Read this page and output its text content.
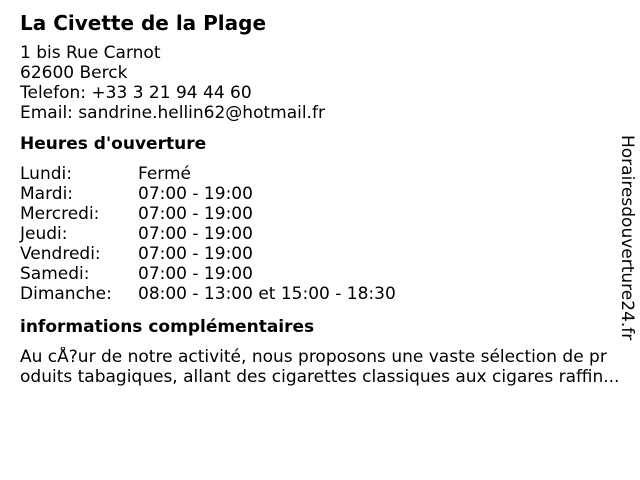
La Civette de la Plage
1 bis Rue Carnot
62600 Berck
Telefon: +33 3 21 94 44 60
Email: sandrine.hellin62@hotmail.fr
Heures d'ouverture
Lundi:	Fermé
Mardi:	07:00 - 19:00
Mercredi:	07:00 - 19:00
Jeudi:	07:00 - 19:00
Vendredi:	07:00 - 19:00
Samedi:	07:00 - 19:00
Dimanche:	08:00 - 13:00 et 15:00 - 18:30
informations complémentaires
Au cÅ?ur de notre activité, nous proposons une vaste sélection de pr
oduits tabagiques, allant des cigarettes classiques aux cigares raffin...
Horairesdouverture24.fr
